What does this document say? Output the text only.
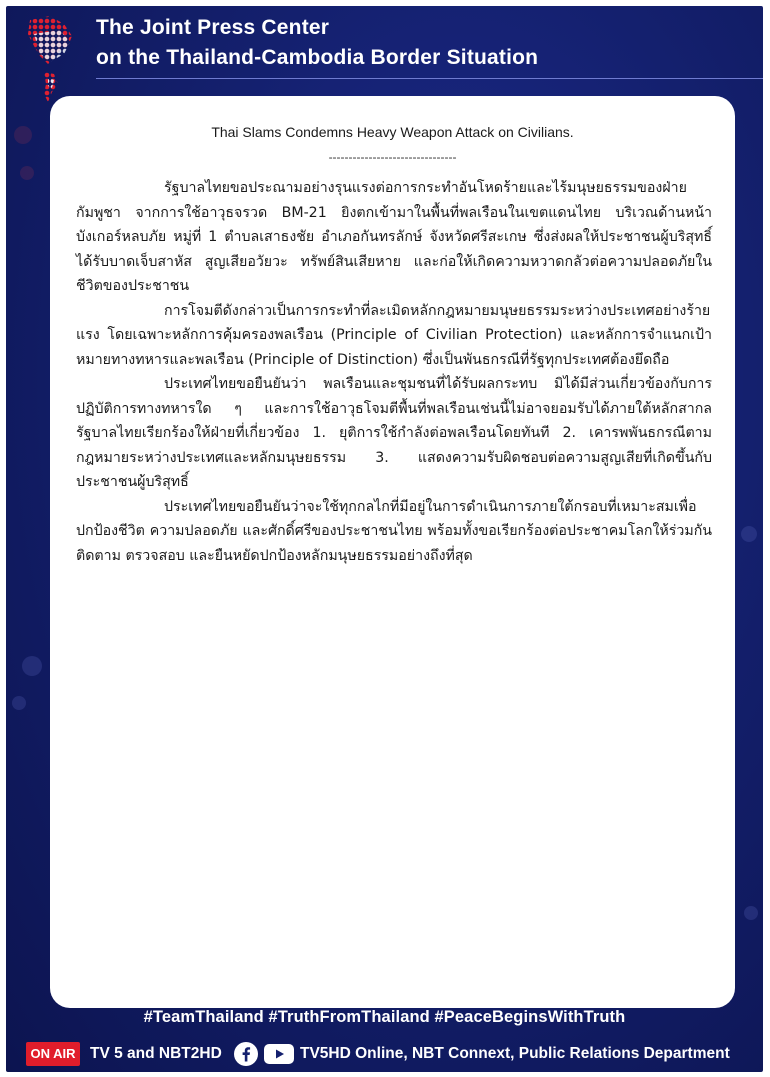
The Joint Press Center
on the Thailand-Cambodia Border Situation
Thai Slams Condemns Heavy Weapon Attack on Civilians.
--------------------------------

รัฐบาลไทยขอประณามอย่างรุนแรงต่อการกระทำอันโหดร้ายและไร้มนุษยธรรมของฝ่ายกัมพูชา จากการใช้อาวุธจรวด BM-21 ยิงตกเข้ามาในพื้นที่พลเรือนในเขตแดนไทย บริเวณด้านหน้าบังเกอร์หลบภัย หมู่ที่ 1 ตำบลเสาธงชัย อำเภอกันทรลักษ์ จังหวัดศรีสะเกษ ซึ่งส่งผลให้ประชาชนผู้บริสุทธิ์ได้รับบาดเจ็บสาหัส สูญเสียอวัยวะ ทรัพย์สินเสียหาย และก่อให้เกิดความหวาดกลัวต่อความปลอดภัยในชีวิตของประชาชน

การโจมตีดังกล่าวเป็นการกระทำที่ละเมิดหลักกฎหมายมนุษยธรรมระหว่างประเทศอย่างร้ายแรง โดยเฉพาะหลักการคุ้มครองพลเรือน (Principle of Civilian Protection) และหลักการจำแนกเป้าหมายทางทหารและพลเรือน (Principle of Distinction) ซึ่งเป็นพันธกรณีที่รัฐทุกประเทศต้องยึดถือ

ประเทศไทยขอยืนยันว่า พลเรือนและชุมชนที่ได้รับผลกระทบ มิได้มีส่วนเกี่ยวข้องกับการปฏิบัติการทางทหารใด ๆ และการใช้อาวุธโจมตีพื้นที่พลเรือนเช่นนี้ไม่อาจยอมรับได้ภายใต้หลักสากล รัฐบาลไทยเรียกร้องให้ฝ่ายที่เกี่ยวข้อง 1. ยุติการใช้กำลังต่อพลเรือนโดยทันที 2. เคารพพันธกรณีตามกฎหมายระหว่างประเทศและหลักมนุษยธรรม 3. แสดงความรับผิดชอบต่อความสูญเสียที่เกิดขึ้นกับประชาชนผู้บริสุทธิ์

ประเทศไทยขอยืนยันว่าจะใช้ทุกกลไกที่มีอยู่ในการดำเนินการภายใต้กรอบที่เหมาะสมเพื่อปกป้องชีวิต ความปลอดภัย และศักดิ์ศรีของประชาชนไทย พร้อมทั้งขอเรียกร้องต่อประชาคมโลกให้ร่วมกันติดตาม ตรวจสอบ และยืนหยัดปกป้องหลักมนุษยธรรมอย่างถึงที่สุด

#TeamThailand #TruthFromThailand #PeaceBeginsWithTruth
ON AIR TV 5 and NBT2HD	TV5HD Online, NBT Connext, Public Relations Department
